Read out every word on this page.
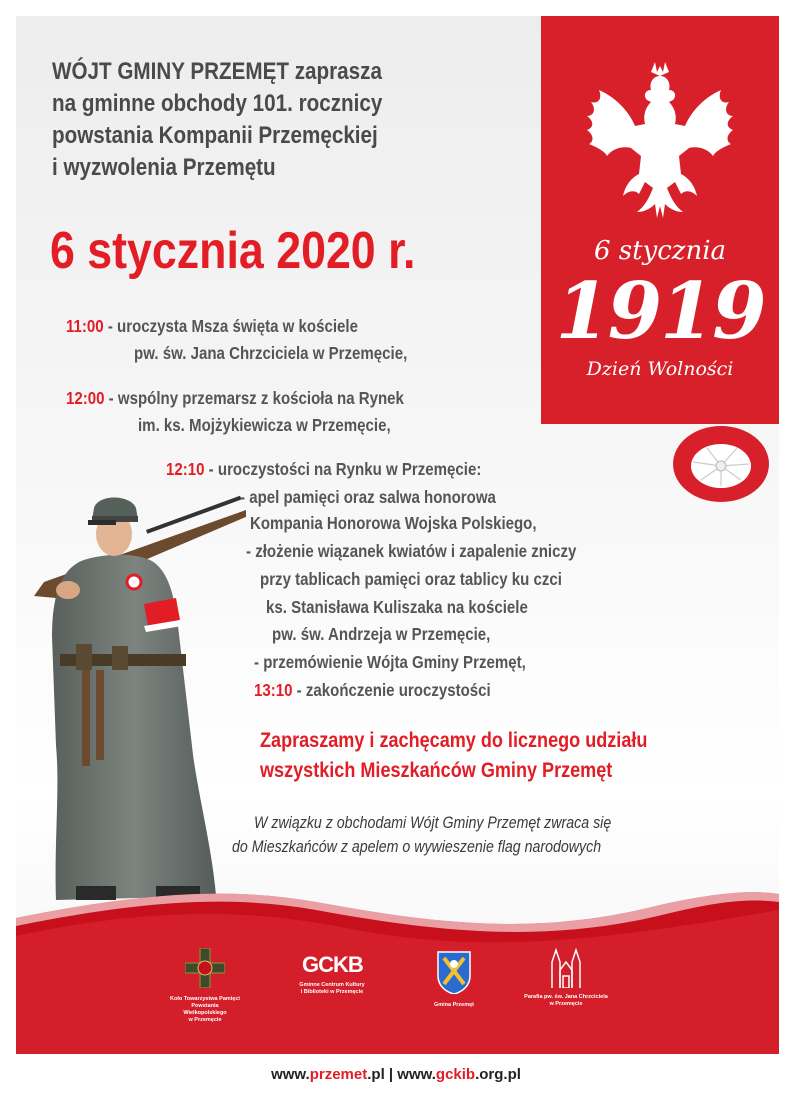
WÓJT GMINY PRZEMĘT zaprasza
na gminne obchody 101. rocznicy
powstania Kompanii Przemęckiej
i wyzwolenia Przemętu
6 stycznia 2020 r.	6 stycznia
1919
Dzień Wolności
11:00 - uroczysta Msza święta w kościele
pw. św. Jana Chrzciciela w Przemęcie,
12:00 - wspólny przemarsz z kościoła na Rynek
im. ks. Mojżykiewicza w Przemęcie,
12:10 - uroczystości na Rynku w Przemęcie:
- apel pamięci oraz salwa honorowa
Kompania Honorowa Wojska Polskiego,
- złożenie wiązanek kwiatów i zapalenie zniczy
przy tablicach pamięci oraz tablicy ku czci
ks. Stanisława Kuliszaka na kościele
pw. św. Andrzeja w Przemęcie,
- przemówienie Wójta Gminy Przemęt,
13:10 - zakończenie uroczystości
Zapraszamy i zachęcamy do licznego udziału
wszystkich Mieszkańców Gminy Przemęt
W związku z obchodami Wójt Gminy Przemęt zwraca się
do Mieszkańców z apelem o wywieszenie flag narodowych
Koło Towarzystwa Pamięci
Powstania Wielkopolskiego
w Przemęcie
GCKB
Gminne Centrum Kultury
i Biblioteki w Przemęcie
Gmina Przemęt
Parafia pw. św. Jana Chrzciciela
w Przemęcie
www.przemet.pl | www.gckib.org.pl
